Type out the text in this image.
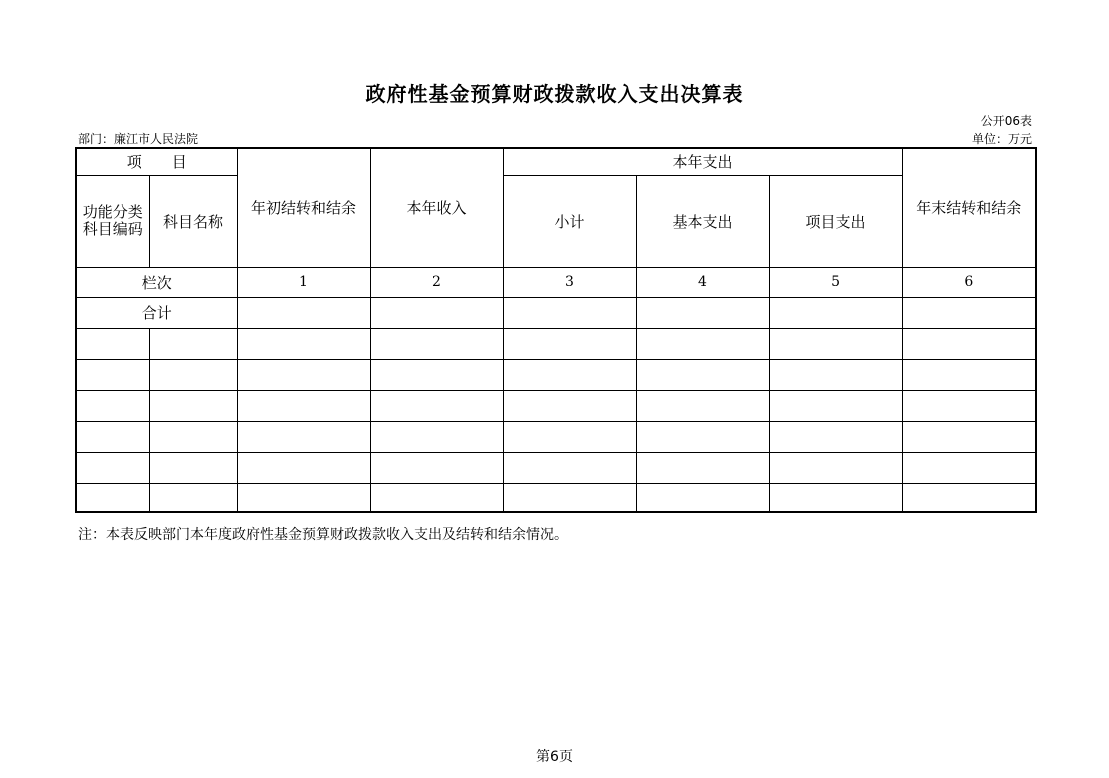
政府性基金预算财政拨款收入支出决算表
公开06表
部门：廉江市人民法院	单位：万元
项　　目		年初结转和结余	本年收入	本年支出			年末结转和结余
功能分类科目编码	科目名称			小计	基本支出	项目支出	
栏次		1	2	3	4	5	6
合计							

注：本表反映部门本年度政府性基金预算财政拨款收入支出及结转和结余情况。
第6页
